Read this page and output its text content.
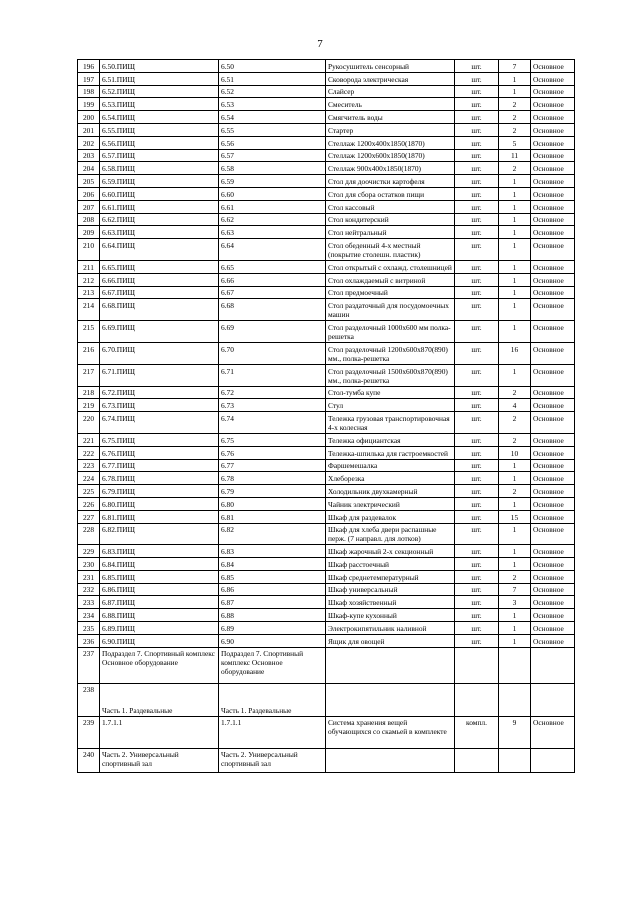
7
196	6.50.ПИЩ	6.50	Рукосушитель сенсорный	шт.	7	Основное
197	6.51.ПИЩ	6.51	Сковорода электрическая	шт.	1	Основное
198	6.52.ПИЩ	6.52	Слайсер	шт.	1	Основное
199	6.53.ПИЩ	6.53	Смеситель	шт.	2	Основное
200	6.54.ПИЩ	6.54	Смягчитель воды	шт.	2	Основное
201	6.55.ПИЩ	6.55	Стартер	шт.	2	Основное
202	6.56.ПИЩ	6.56	Стеллаж 1200х400х1850(1870)	шт.	5	Основное
203	6.57.ПИЩ	6.57	Стеллаж 1200х600х1850(1870)	шт.	11	Основное
204	6.58.ПИЩ	6.58	Стеллаж 900х400х1850(1870)	шт.	2	Основное
205	6.59.ПИЩ	6.59	Стол для доочистки картофеля	шт.	1	Основное
206	6.60.ПИЩ	6.60	Стол для сбора остатков пищи	шт.	1	Основное
207	6.61.ПИЩ	6.61	Стол кассовый	шт.	1	Основное
208	6.62.ПИЩ	6.62	Стол кондитерский	шт.	1	Основное
209	6.63.ПИЩ	6.63	Стол нейтральный	шт.	1	Основное
210	6.64.ПИЩ	6.64	Стол обеденный 4-х местный (покрытие столешн. пластик)	шт.	1	Основное
211	6.65.ПИЩ	6.65	Стол открытый с охлажд. столешницей	шт.	1	Основное
212	6.66.ПИЩ	6.66	Стол охлаждаемый с витриной	шт.	1	Основное
213	6.67.ПИЩ	6.67	Стол предмоечный	шт.	1	Основное
214	6.68.ПИЩ	6.68	Стол раздаточный для посудомоечных машин	шт.	1	Основное
215	6.69.ПИЩ	6.69	Стол разделочный 1000х600 мм полка-решетка	шт.	1	Основное
216	6.70.ПИЩ	6.70	Стол разделочный 1200х600х870(890) мм., полка-решетка	шт.	16	Основное
217	6.71.ПИЩ	6.71	Стол разделочный 1500х600х870(890) мм., полка-решетка	шт.	1	Основное
218	6.72.ПИЩ	6.72	Стол-тумба купе	шт.	2	Основное
219	6.73.ПИЩ	6.73	Стул	шт.	4	Основное
220	6.74.ПИЩ	6.74	Тележка грузовая транспортировочная 4-х колесная	шт.	2	Основное
221	6.75.ПИЩ	6.75	Тележка официантская	шт.	2	Основное
222	6.76.ПИЩ	6.76	Тележка-шпилька для гастроемкостей	шт.	10	Основное
223	6.77.ПИЩ	6.77	Фаршемешалка	шт.	1	Основное
224	6.78.ПИЩ	6.78	Хлеборезка	шт.	1	Основное
225	6.79.ПИЩ	6.79	Холодильник двухкамерный	шт.	2	Основное
226	6.80.ПИЩ	6.80	Чайник электрический	шт.	1	Основное
227	6.81.ПИЩ	6.81	Шкаф для раздевалок	шт.	15	Основное
228	6.82.ПИЩ	6.82	Шкаф для хлеба двери распашные перж. (7 направл. для лотков)	шт.	1	Основное
229	6.83.ПИЩ	6.83	Шкаф жарочный 2-х секционный	шт.	1	Основное
230	6.84.ПИЩ	6.84	Шкаф расстоечный	шт.	1	Основное
231	6.85.ПИЩ	6.85	Шкаф среднетемпературный	шт.	2	Основное
232	6.86.ПИЩ	6.86	Шкаф универсальный	шт.	7	Основное
233	6.87.ПИЩ	6.87	Шкаф хозяйственный	шт.	3	Основное
234	6.88.ПИЩ	6.88	Шкаф-купе кухонный	шт.	1	Основное
235	6.89.ПИЩ	6.89	Электрокипятильник наливной	шт.	1	Основное
236	6.90.ПИЩ	6.90	Ящик для овощей	шт.	1	Основное
237	Подраздел 7. Спортивный комплекс Основное оборудование	Подраздел 7. Спортивный комплекс Основное оборудование				
238	Часть 1. Раздевальные	Часть 1. Раздевальные				
239	1.7.1.1	1.7.1.1	Система хранения вещей обучающихся со скамьей в комплекте	компл.	9	Основное
240	Часть 2. Универсальный спортивный зал	Часть 2. Универсальный спортивный зал				
